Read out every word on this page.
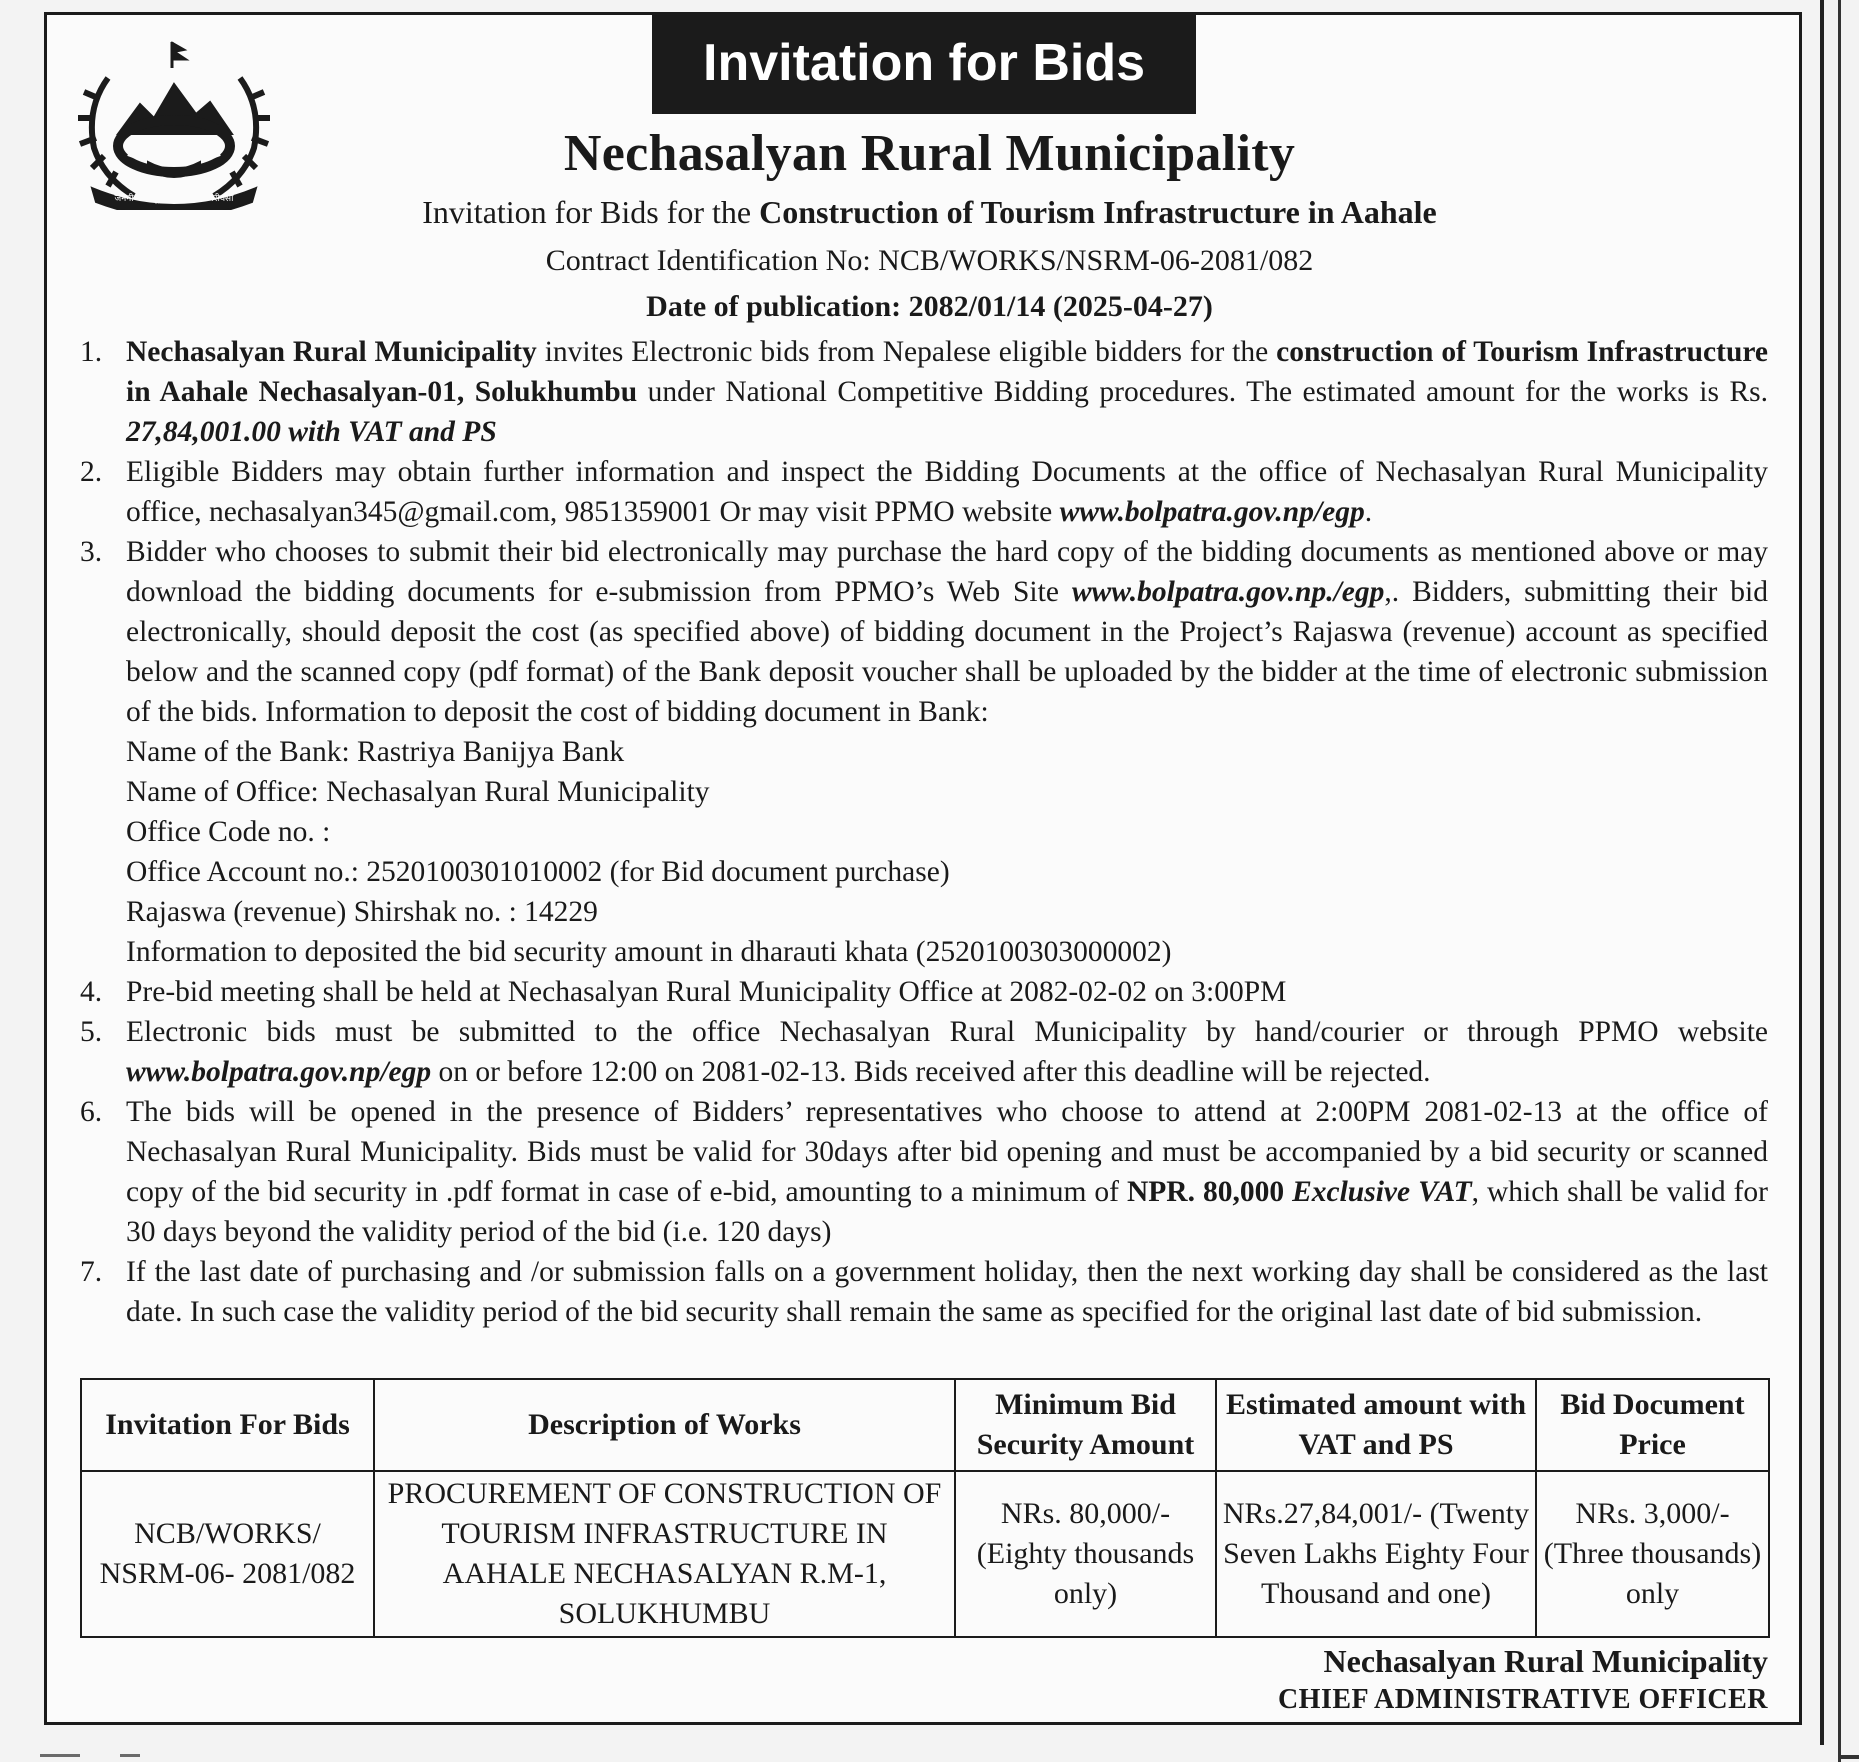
Invitation for Bids
जननी जन्मभूमिश्च स्वर्गादपि गरीयसी
Nechasalyan Rural Municipality
Invitation for Bids for the Construction of Tourism Infrastructure in Aahale
Contract Identification No: NCB/WORKS/NSRM-06-2081/082
Date of publication: 2082/01/14 (2025-04-27)
1. Nechasalyan Rural Municipality invites Electronic bids from Nepalese eligible bidders for the construction of Tourism Infrastructure in Aahale Nechasalyan-01, Solukhumbu under National Competitive Bidding procedures. The estimated amount for the works is Rs. 27,84,001.00 with VAT and PS
2. Eligible Bidders may obtain further information and inspect the Bidding Documents at the office of Nechasalyan Rural Municipality office, nechasalyan345@gmail.com, 9851359001 Or may visit PPMO website www.bolpatra.gov.np/egp.
3. Bidder who chooses to submit their bid electronically may purchase the hard copy of the bidding documents as mentioned above or may download the bidding documents for e-submission from PPMO’s Web Site www.bolpatra.gov.np./egp,. Bidders, submitting their bid electronically, should deposit the cost (as specified above) of bidding document in the Project’s Rajaswa (revenue) account as specified below and the scanned copy (pdf format) of the Bank deposit voucher shall be uploaded by the bidder at the time of electronic submission of the bids. Information to deposit the cost of bidding document in Bank:

Name of the Bank: Rastriya Banijya Bank

Name of Office: Nechasalyan Rural Municipality

Office Code no. :

Office Account no.: 2520100301010002 (for Bid document purchase)

Rajaswa (revenue) Shirshak no. : 14229

Information to deposited the bid security amount in dharauti khata (2520100303000002)

4. Pre-bid meeting shall be held at Nechasalyan Rural Municipality Office at 2082-02-02 on 3:00PM
5. Electronic bids must be submitted to the office Nechasalyan Rural Municipality by hand/courier or through PPMO website www.bolpatra.gov.np/egp on or before 12:00 on 2081-02-13. Bids received after this deadline will be rejected.
6. The bids will be opened in the presence of Bidders’ representatives who choose to attend at 2:00PM 2081-02-13 at the office of Nechasalyan Rural Municipality. Bids must be valid for 30days after bid opening and must be accompanied by a bid security or scanned copy of the bid security in .pdf format in case of e-bid, amounting to a minimum of NPR. 80,000 Exclusive VAT, which shall be valid for 30 days beyond the validity period of the bid (i.e. 120 days)
7. If the last date of purchasing and /or submission falls on a government holiday, then the next working day shall be considered as the last date. In such case the validity period of the bid security shall remain the same as specified for the original last date of bid submission.
Invitation For Bids	Description of Works	Minimum Bid Security Amount	Estimated amount with VAT and PS	Bid Document Price
NCB/WORKS/ NSRM-06- 2081/082	PROCUREMENT OF CONSTRUCTION OF TOURISM INFRASTRUCTURE IN AAHALE NECHASALYAN R.M-1, SOLUKHUMBU	NRs. 80,000/- (Eighty thousands only)	NRs.27,84,001/- (Twenty Seven Lakhs Eighty Four Thousand and one)	NRs. 3,000/- (Three thousands) only
Nechasalyan Rural Municipality
CHIEF ADMINISTRATIVE OFFICER
